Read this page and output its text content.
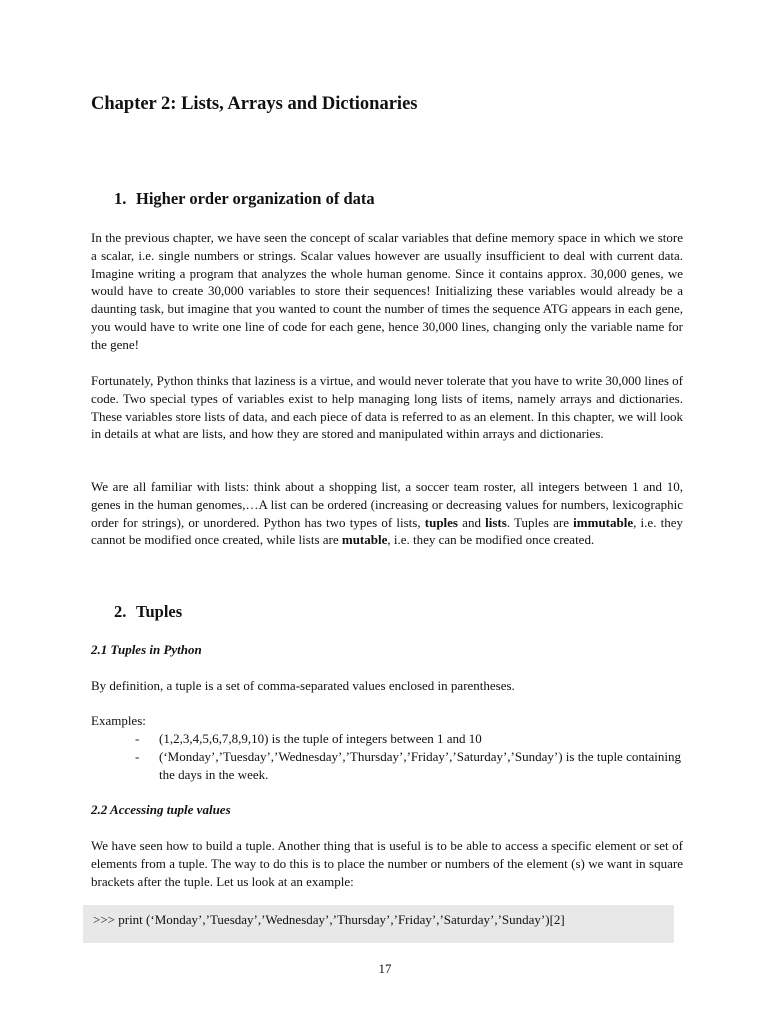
Chapter 2: Lists, Arrays and Dictionaries
1. Higher order organization of data

In the previous chapter, we have seen the concept of scalar variables that define memory space in which we store a scalar, i.e. single numbers or strings. Scalar values however are usually insufficient to deal with current data. Imagine writing a program that analyzes the whole human genome. Since it contains approx. 30,000 genes, we would have to create 30,000 variables to store their sequences! Initializing these variables would already be a daunting task, but imagine that you wanted to count the number of times the sequence ATG appears in each gene, you would have to write one line of code for each gene, hence 30,000 lines, changing only the variable name for the gene!

Fortunately, Python thinks that laziness is a virtue, and would never tolerate that you have to write 30,000 lines of code. Two special types of variables exist to help managing long lists of items, namely arrays and dictionaries. These variables store lists of data, and each piece of data is referred to as an element. In this chapter, we will look in details at what are lists, and how they are stored and manipulated within arrays and dictionaries.

We are all familiar with lists: think about a shopping list, a soccer team roster, all integers between 1 and 10, genes in the human genomes,…A list can be ordered (increasing or decreasing values for numbers, lexicographic order for strings), or unordered. Python has two types of lists, tuples and lists. Tuples are immutable, i.e. they cannot be modified once created, while lists are mutable, i.e. they can be modified once created.

2. Tuples
2.1 Tuples in Python

By definition, a tuple is a set of comma-separated values enclosed in parentheses.

Examples:

- (1,2,3,4,5,6,7,8,9,10) is the tuple of integers between 1 and 10
- (‘Monday’,’Tuesday’,’Wednesday’,’Thursday’,’Friday’,’Saturday’,’Sunday’) is the tuple containing the days in the week.
2.2 Accessing tuple values

We have seen how to build a tuple. Another thing that is useful is to be able to access a specific element or set of elements from a tuple. The way to do this is to place the number or numbers of the element (s) we want in square brackets after the tuple. Let us look at an example:

>>> print (‘Monday’,’Tuesday’,’Wednesday’,’Thursday’,’Friday’,’Saturday’,’Sunday’)[2]
17
